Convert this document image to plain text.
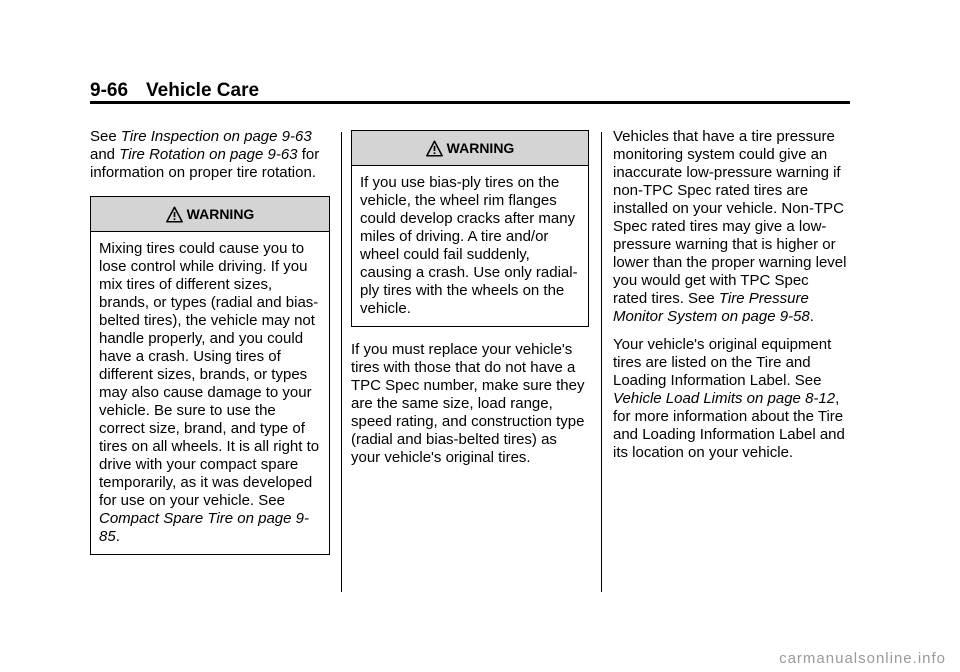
9-66 Vehicle Care

See Tire Inspection on page 9-63 and Tire Rotation on page 9-63 for information on proper tire rotation.

WARNING
Mixing tires could cause you to lose control while driving. If you mix tires of different sizes, brands, or types (radial and bias-belted tires), the vehicle may not handle properly, and you could have a crash. Using tires of different sizes, brands, or types may also cause damage to your vehicle. Be sure to use the correct size, brand, and type of tires on all wheels. It is all right to drive with your compact spare temporarily, as it was developed for use on your vehicle. See Compact Spare Tire on page 9-85.
WARNING
If you use bias-ply tires on the vehicle, the wheel rim flanges could develop cracks after many miles of driving. A tire and/or wheel could fail suddenly, causing a crash. Use only radial-ply tires with the wheels on the vehicle.

If you must replace your vehicle's tires with those that do not have a TPC Spec number, make sure they are the same size, load range, speed rating, and construction type (radial and bias-belted tires) as your vehicle's original tires.

Vehicles that have a tire pressure monitoring system could give an inaccurate low-pressure warning if non-TPC Spec rated tires are installed on your vehicle. Non-TPC Spec rated tires may give a low-pressure warning that is higher or lower than the proper warning level you would get with TPC Spec rated tires. See Tire Pressure Monitor System on page 9-58.

Your vehicle's original equipment tires are listed on the Tire and Loading Information Label. See Vehicle Load Limits on page 8-12, for more information about the Tire and Loading Information Label and its location on your vehicle.

carmanualsonline.info
